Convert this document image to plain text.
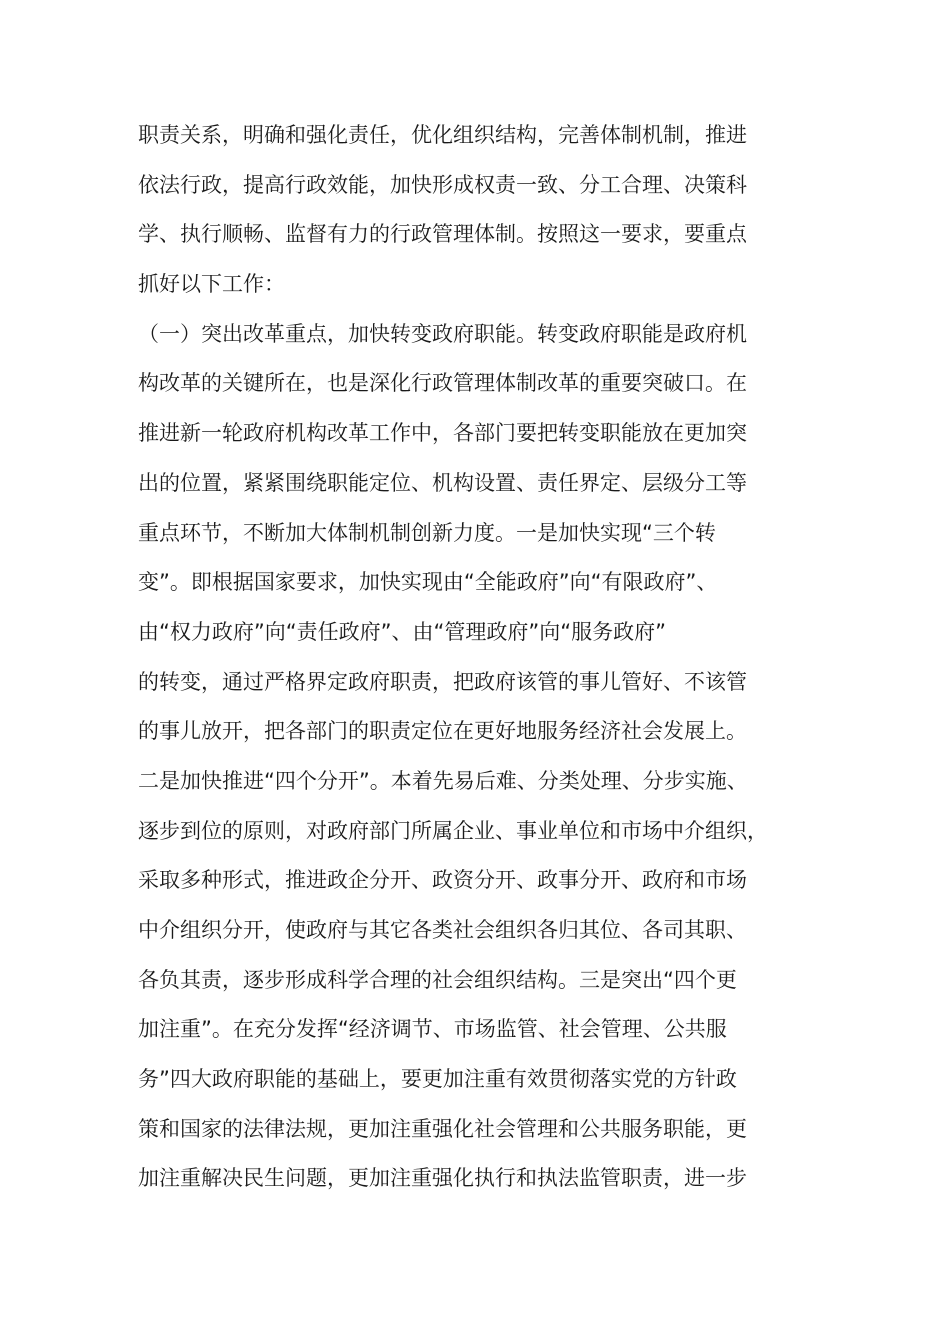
职责关系，明确和强化责任，优化组织结构，完善体制机制，推进
依法行政，提高行政效能，加快形成权责一致、分工合理、决策科
学、执行顺畅、监督有力的行政管理体制。按照这一要求，要重点
抓好以下工作：
（一）突出改革重点，加快转变政府职能。转变政府职能是政府机
构改革的关键所在，也是深化行政管理体制改革的重要突破口。在
推进新一轮政府机构改革工作中，各部门要把转变职能放在更加突
出的位置，紧紧围绕职能定位、机构设置、责任界定、层级分工等
重点环节，不断加大体制机制创新力度。一是加快实现“三个转
变”。即根据国家要求，加快实现由“全能政府”向“有限政府”、
由“权力政府”向“责任政府”、由“管理政府”向“服务政府”
的转变，通过严格界定政府职责，把政府该管的事儿管好、不该管
的事儿放开，把各部门的职责定位在更好地服务经济社会发展上。
二是加快推进“四个分开”。本着先易后难、分类处理、分步实施、
逐步到位的原则，对政府部门所属企业、事业单位和市场中介组织，
采取多种形式，推进政企分开、政资分开、政事分开、政府和市场
中介组织分开，使政府与其它各类社会组织各归其位、各司其职、
各负其责，逐步形成科学合理的社会组织结构。三是突出“四个更
加注重”。在充分发挥“经济调节、市场监管、社会管理、公共服
务”四大政府职能的基础上，要更加注重有效贯彻落实党的方针政
策和国家的法律法规，更加注重强化社会管理和公共服务职能，更
加注重解决民生问题，更加注重强化执行和执法监管职责，进一步
